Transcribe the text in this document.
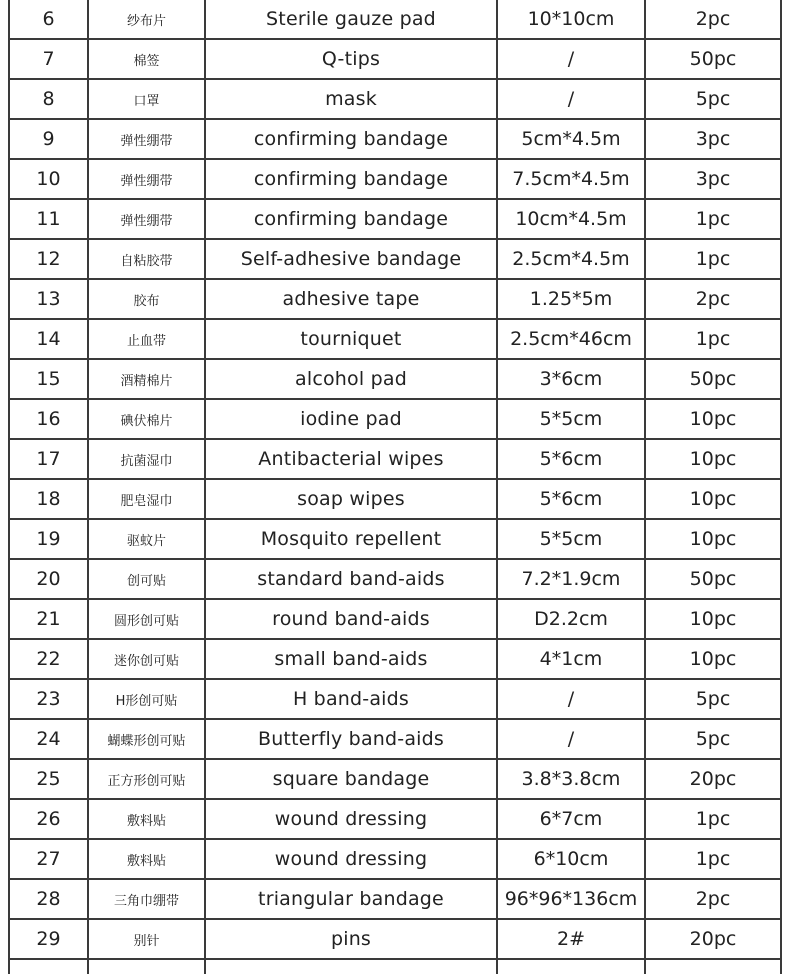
6	纱布片	Sterile gauze pad	10*10cm	2pc
7	棉签	Q-tips	/	50pc
8	口罩	mask	/	5pc
9	弹性绷带	confirming bandage	5cm*4.5m	3pc
10	弹性绷带	confirming bandage	7.5cm*4.5m	3pc
11	弹性绷带	confirming bandage	10cm*4.5m	1pc
12	自粘胶带	Self-adhesive bandage	2.5cm*4.5m	1pc
13	胶布	adhesive tape	1.25*5m	2pc
14	止血带	tourniquet	2.5cm*46cm	1pc
15	酒精棉片	alcohol pad	3*6cm	50pc
16	碘伏棉片	iodine pad	5*5cm	10pc
17	抗菌湿巾	Antibacterial wipes	5*6cm	10pc
18	肥皂湿巾	soap wipes	5*6cm	10pc
19	驱蚊片	Mosquito repellent	5*5cm	10pc
20	创可贴	standard band-aids	7.2*1.9cm	50pc
21	圆形创可贴	round band-aids	D2.2cm	10pc
22	迷你创可贴	small band-aids	4*1cm	10pc
23	H形创可贴	H band-aids	/	5pc
24	蝴蝶形创可贴	Butterfly band-aids	/	5pc
25	正方形创可贴	square bandage	3.8*3.8cm	20pc
26	敷料贴	wound dressing	6*7cm	1pc
27	敷料贴	wound dressing	6*10cm	1pc
28	三角巾绷带	triangular bandage	96*96*136cm	2pc
29	别针	pins	2#	20pc
